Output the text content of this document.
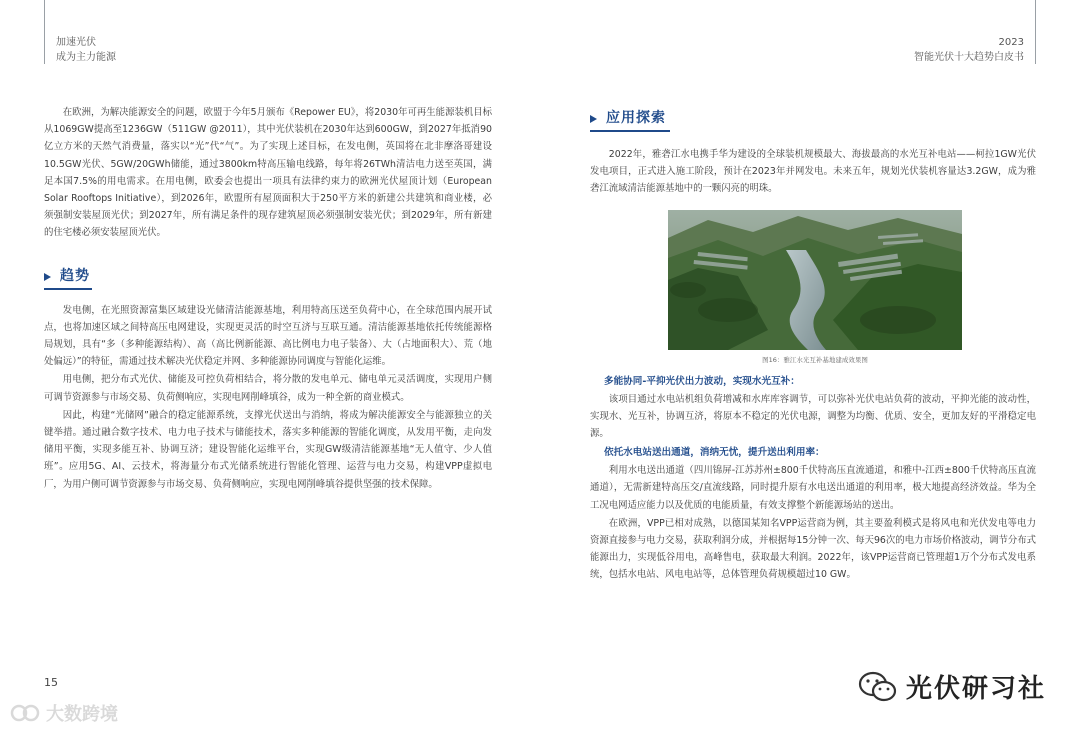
加速光伏
成为主力能源
2023
智能光伏十大趋势白皮书

在欧洲，为解决能源安全的问题，欧盟于今年5月颁布《Repower EU》，将2030年可再生能源装机目标从1069GW提高至1236GW（511GW @2011），其中光伏装机在2030年达到600GW，到2027年抵消90亿立方米的天然气消费量，落实以“光”代“气”。为了实现上述目标，在发电侧，英国将在北非摩洛哥建设10.5GW光伏、5GW/20GWh储能，通过3800km特高压输电线路，每年将26TWh清洁电力送至英国，满足本国7.5%的用电需求。在用电侧，欧委会也提出一项具有法律约束力的欧洲光伏屋顶计划（European Solar Rooftops Initiative），到2026年，欧盟所有屋顶面积大于250平方米的新建公共建筑和商业楼，必须强制安装屋顶光伏；到2027年，所有满足条件的现存建筑屋顶必须强制安装光伏；到2029年，所有新建的住宅楼必须安装屋顶光伏。

趋势

发电侧，在光照资源富集区域建设光储清洁能源基地，利用特高压送至负荷中心，在全球范围内展开试点，也将加速区域之间特高压电网建设，实现更灵活的时空互济与互联互通。清洁能源基地依托传统能源格局规划，具有“多（多种能源结构）、高（高比例新能源、高比例电力电子装备）、大（占地面积大）、荒（地处偏远）”的特征，需通过技术解决光伏稳定并网、多种能源协同调度与智能化运维。

用电侧，把分布式光伏、储能及可控负荷相结合，将分散的发电单元、储电单元灵活调度，实现用户侧可调节资源参与市场交易、负荷侧响应，实现电网削峰填谷，成为一种全新的商业模式。

因此，构建“光储网”融合的稳定能源系统，支撑光伏送出与消纳，将成为解决能源安全与能源独立的关键举措。通过融合数字技术、电力电子技术与储能技术，落实多种能源的智能化调度，从发用平衡，走向发储用平衡，实现多能互补、协调互济；建设智能化运维平台，实现GW级清洁能源基地“无人值守、少人值班”。应用5G、AI、云技术，将海量分布式光储系统进行智能化管理、运营与电力交易，构建VPP虚拟电厂，为用户侧可调节资源参与市场交易、负荷侧响应，实现电网削峰填谷提供坚强的技术保障。

应用探索

2022年，雅砻江水电携手华为建设的全球装机规模最大、海拔最高的水光互补电站——柯拉1GW光伏发电项目，正式进入施工阶段，预计在2023年并网发电。未来五年，规划光伏装机容量达3.2GW，成为雅砻江流域清洁能源基地中的一颗闪亮的明珠。

图16：雅江水光互补基地建成效果图
多能协同-平抑光伏出力波动，实现水光互补：

该项目通过水电站机组负荷增减和水库库容调节，可以弥补光伏电站负荷的波动，平抑光能的波动性，实现水、光互补，协调互济，将原本不稳定的光伏电源，调整为均衡、优质、安全，更加友好的平滑稳定电源。

依托水电站送出通道，消纳无忧，提升送出利用率：

利用水电送出通道（四川锦屏-江苏苏州±800千伏特高压直流通道，和雅中-江西±800千伏特高压直流通道），无需新建特高压交/直流线路，同时提升原有水电送出通道的利用率，极大地提高经济效益。华为全工况电网适应能力以及优质的电能质量，有效支撑整个新能源场站的送出。

在欧洲，VPP已相对成熟，以德国某知名VPP运营商为例，其主要盈利模式是将风电和光伏发电等电力资源直接参与电力交易，获取利润分成，并根据每15分钟一次、每天96次的电力市场价格波动，调节分布式能源出力，实现低谷用电，高峰售电，获取最大利润。2022年，该VPP运营商已管理超1万个分布式发电系统，包括水电站、风电电站等，总体管理负荷规模超过10 GW。

15
大数跨境
光伏研习社
